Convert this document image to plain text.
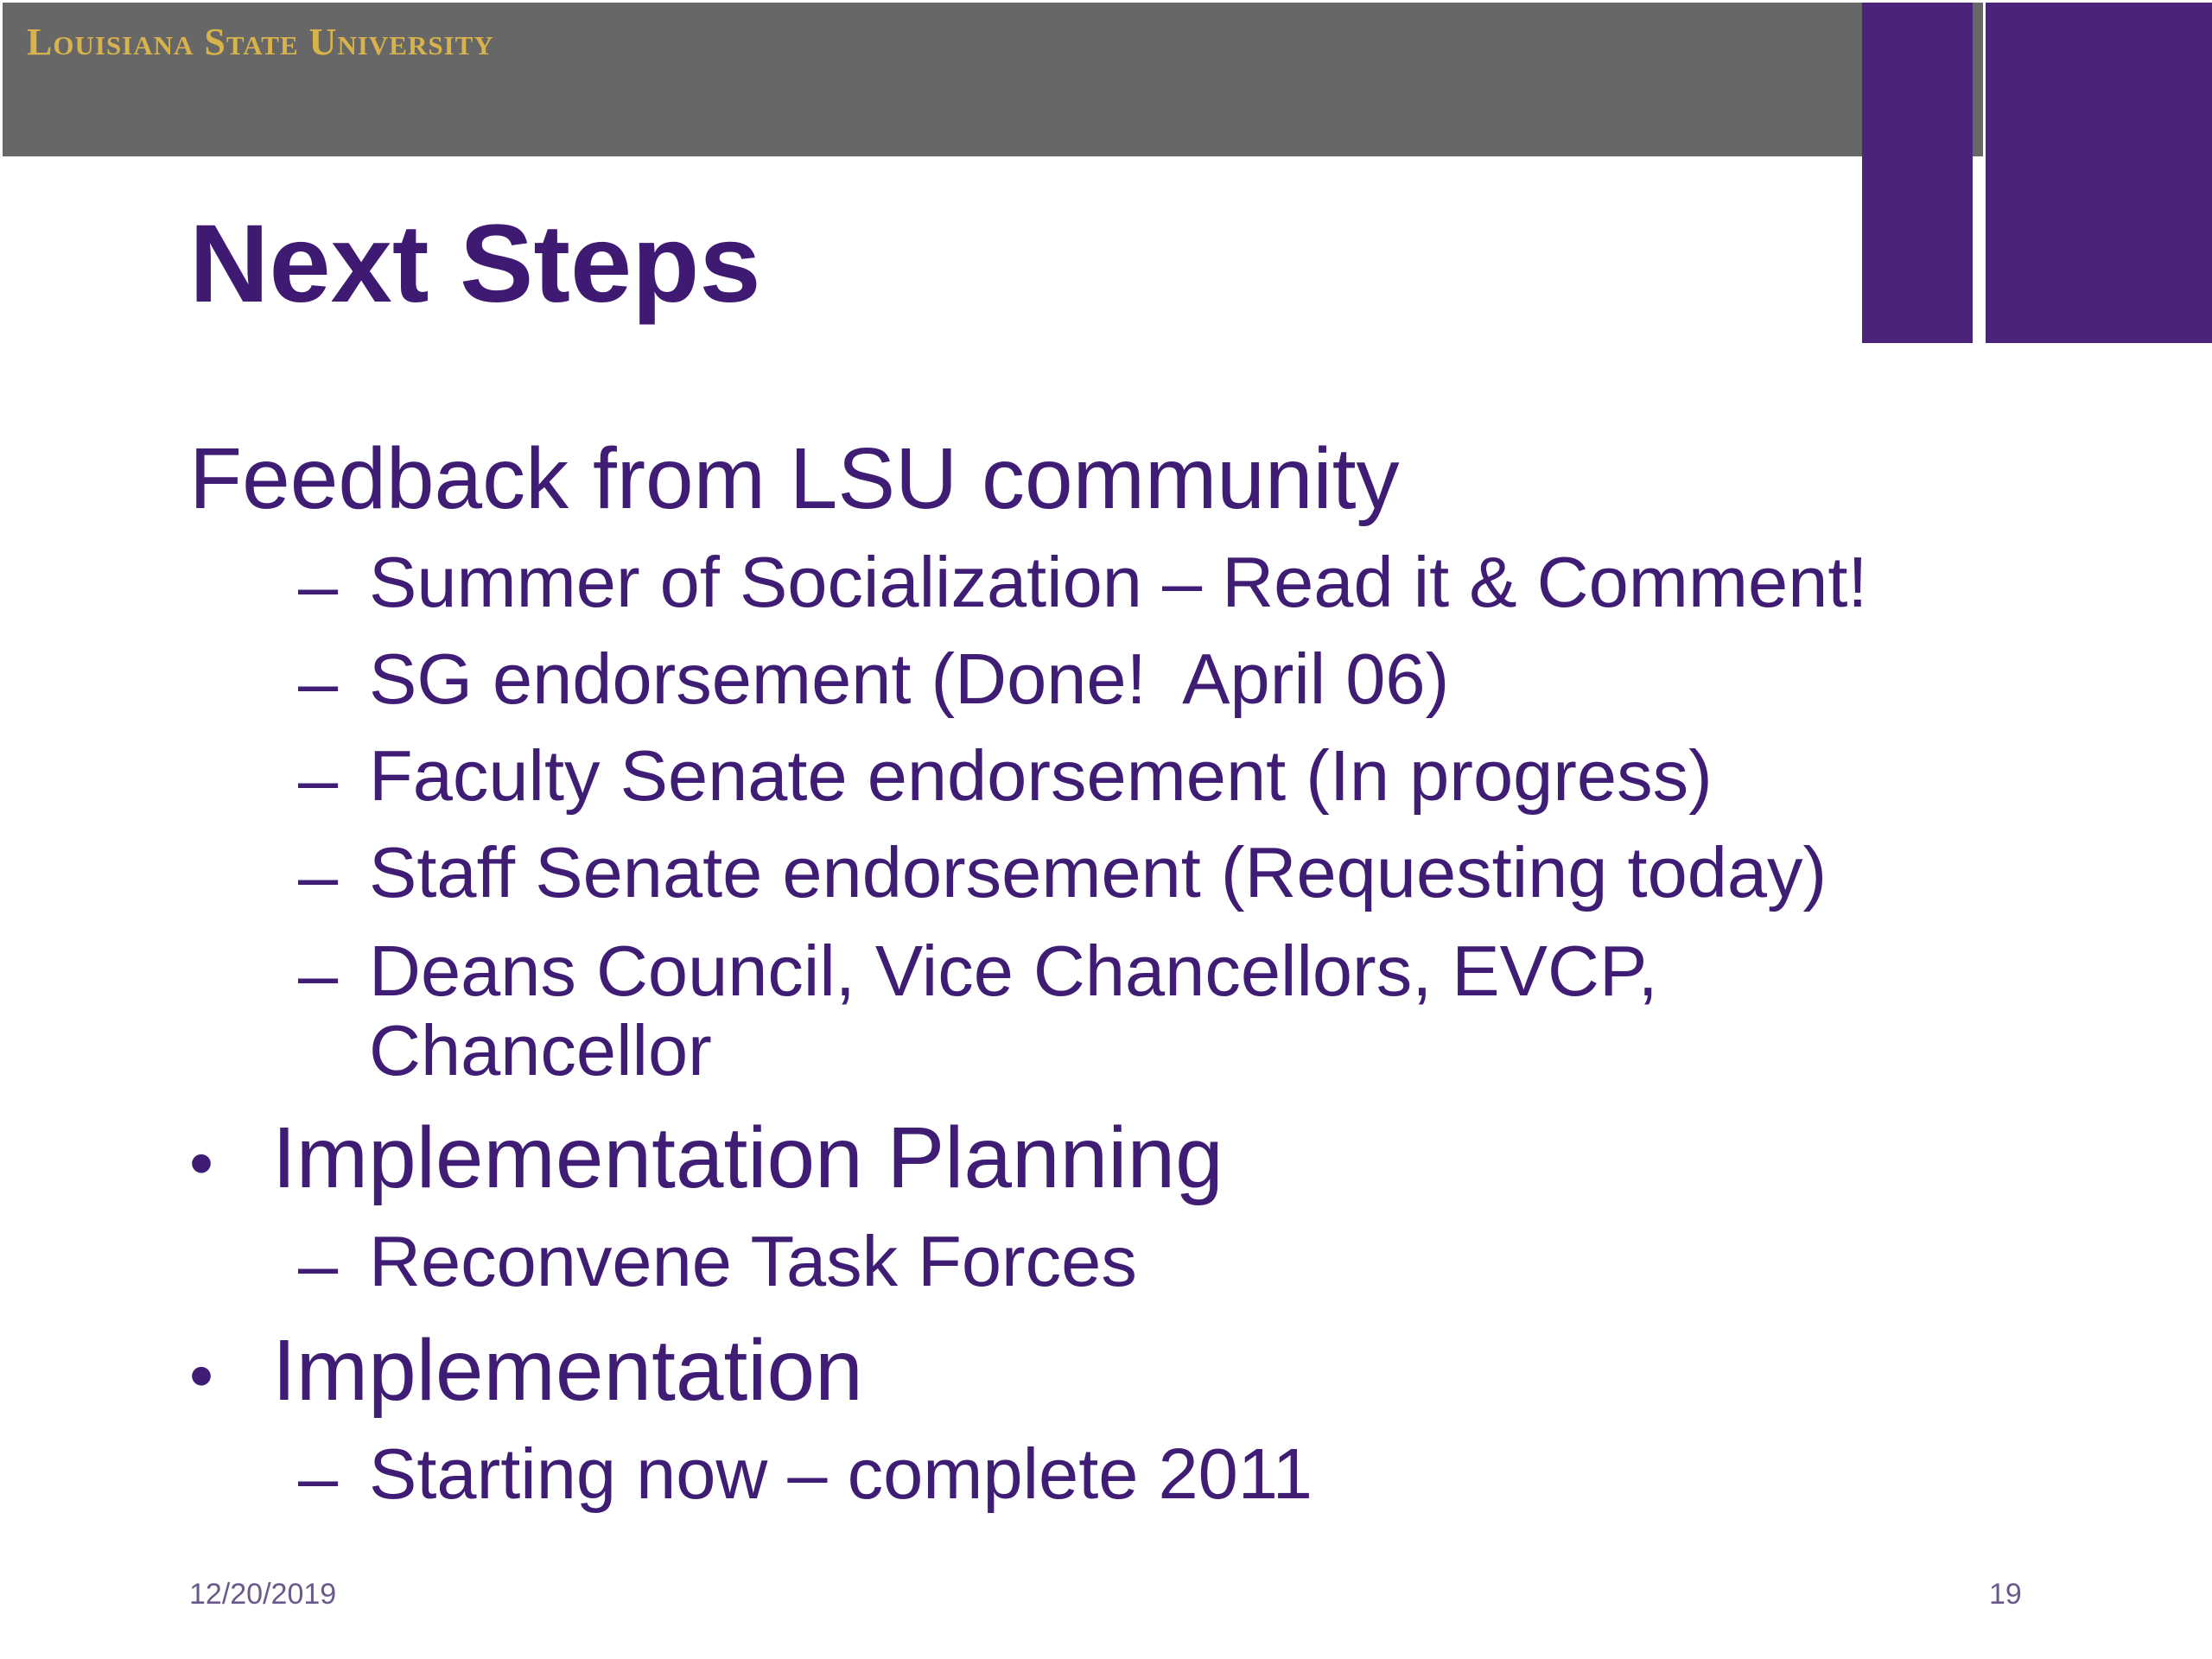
Louisiana State University
Next Steps
Feedback from LSU community
– Summer of Socialization – Read it & Comment!
– SG endorsement (Done!  April 06)
– Faculty Senate endorsement (In progress)
– Staff Senate endorsement (Requesting today)
– Deans Council, Vice Chancellors, EVCP,
Chancellor
• Implementation Planning
– Reconvene Task Forces
• Implementation
– Starting now – complete 2011
12/20/2019	19
